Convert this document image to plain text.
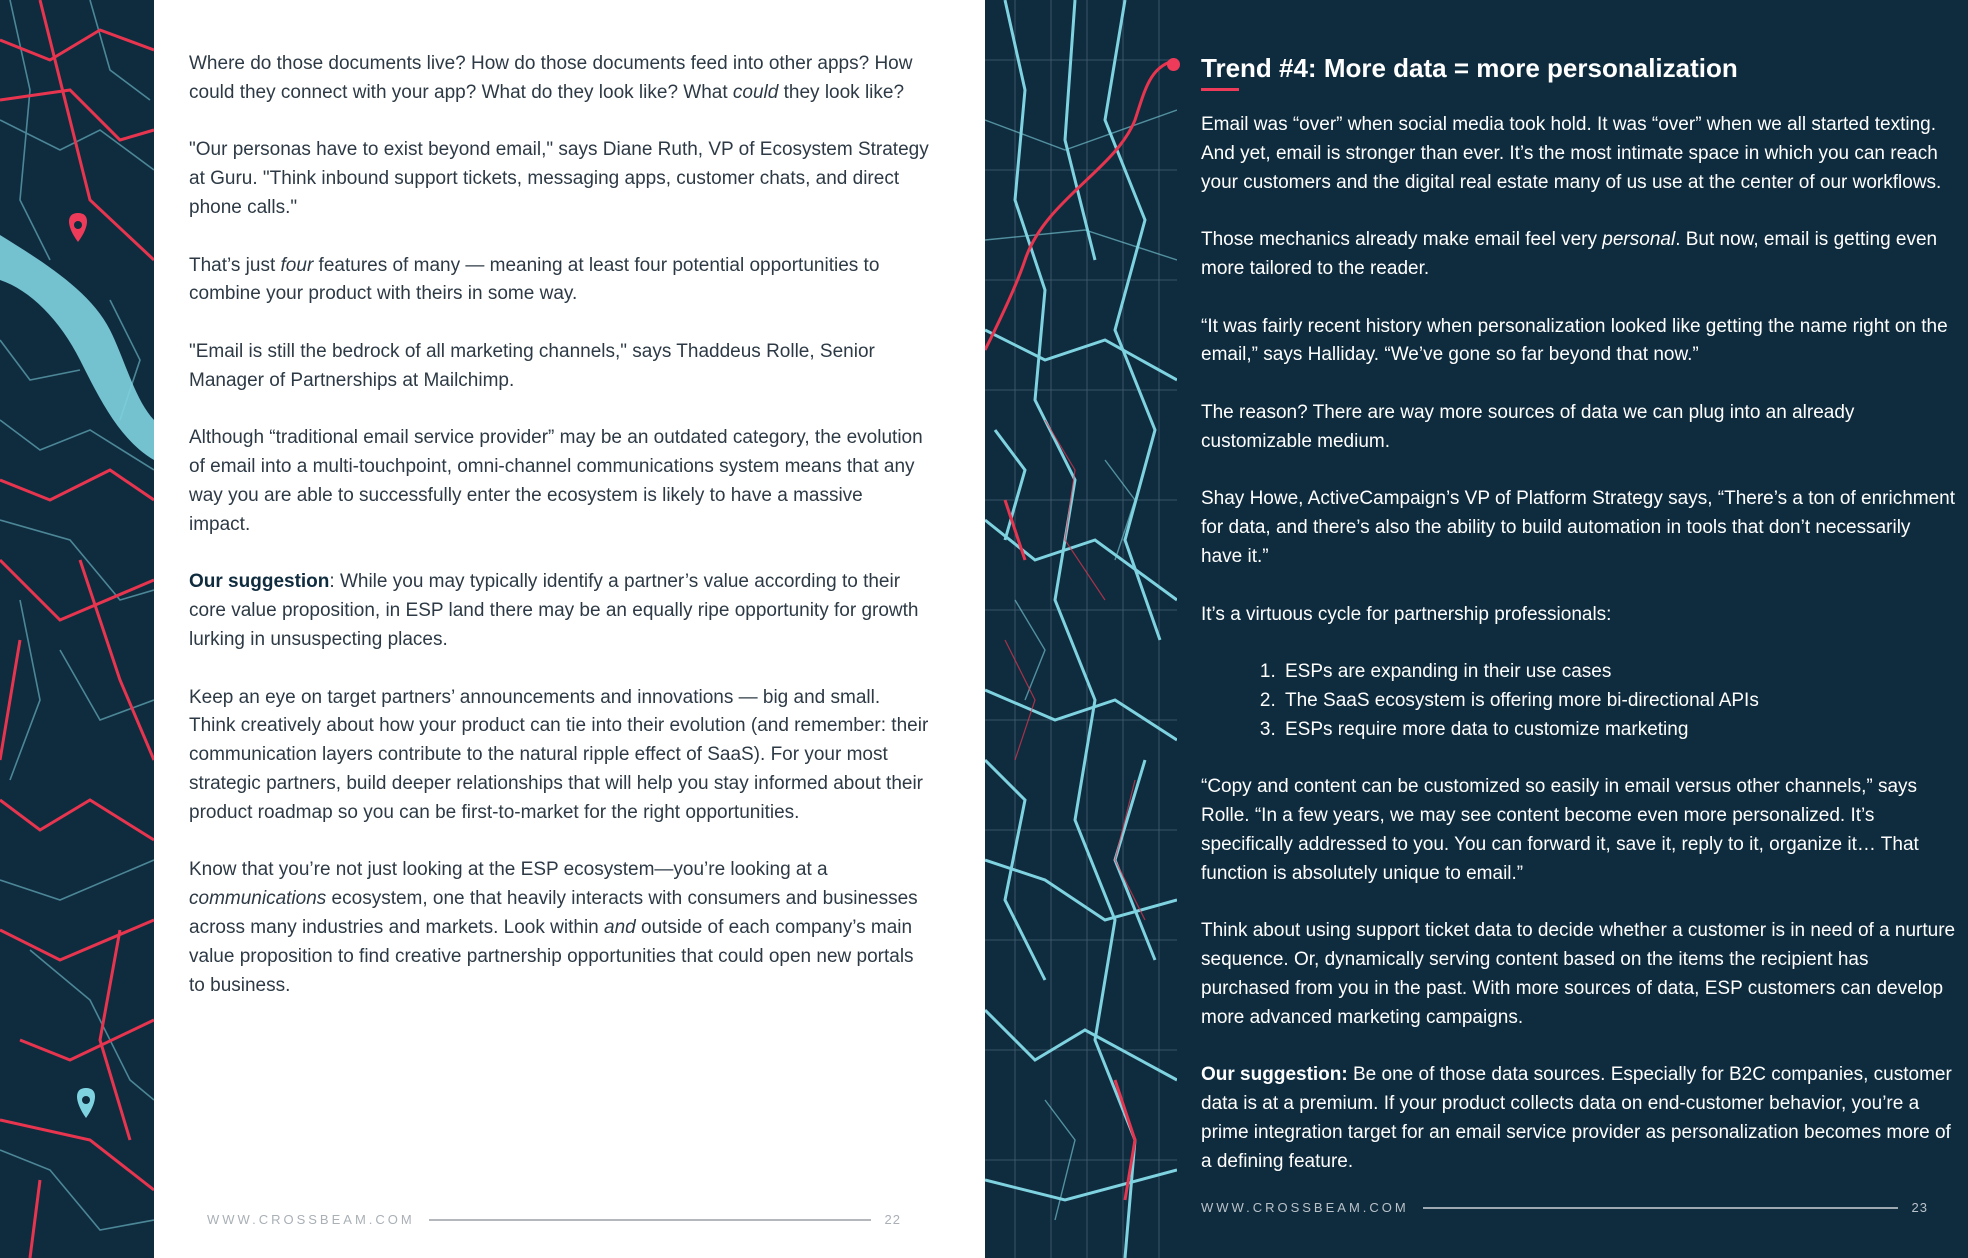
Where do those documents live? How do those documents feed into other apps? How could they connect with your app? What do they look like? What could they look like?

"Our personas have to exist beyond email," says Diane Ruth, VP of Ecosystem Strategy at Guru. "Think inbound support tickets, messaging apps, customer chats, and direct phone calls."

That’s just four features of many — meaning at least four potential opportunities to combine your product with theirs in some way.

"Email is still the bedrock of all marketing channels," says Thaddeus Rolle, Senior Manager of Partnerships at Mailchimp.

Although “traditional email service provider” may be an outdated category, the evolution of email into a multi-touchpoint, omni-channel communications system means that any way you are able to successfully enter the ecosystem is likely to have a massive impact.

Our suggestion: While you may typically identify a partner’s value according to their core value proposition, in ESP land there may be an equally ripe opportunity for growth lurking in unsuspecting places.

Keep an eye on target partners’ announcements and innovations — big and small. Think creatively about how your product can tie into their evolution (and remember: their communication layers contribute to the natural ripple effect of SaaS). For your most strategic partners, build deeper relationships that will help you stay informed about their product roadmap so you can be first-to-market for the right opportunities.

Know that you’re not just looking at the ESP ecosystem—you’re looking at a communications ecosystem, one that heavily interacts with consumers and businesses across many industries and markets. Look within and outside of each company’s main value proposition to find creative partnership opportunities that could open new portals to business.

WWW.CROSSBEAM.COM	22
Trend #4: More data = more personalization

Email was “over” when social media took hold. It was “over” when we all started texting. And yet, email is stronger than ever. It’s the most intimate space in which you can reach your customers and the digital real estate many of us use at the center of our workflows.

Those mechanics already make email feel very personal. But now, email is getting even more tailored to the reader.

“It was fairly recent history when personalization looked like getting the name right on the email,” says Halliday. “We’ve gone so far beyond that now.”

The reason? There are way more sources of data we can plug into an already customizable medium.

Shay Howe, ActiveCampaign’s VP of Platform Strategy says, “There’s a ton of enrichment for data, and there’s also the ability to build automation in tools that don’t necessarily have it.”

It’s a virtuous cycle for partnership professionals:

1. ESPs are expanding in their use cases
2. The SaaS ecosystem is offering more bi-directional APIs
3. ESPs require more data to customize marketing

“Copy and content can be customized so easily in email versus other channels,” says Rolle. “In a few years, we may see content become even more personalized. It’s specifically addressed to you. You can forward it, save it, reply to it, organize it… That function is absolutely unique to email.”

Think about using support ticket data to decide whether a customer is in need of a nurture sequence. Or, dynamically serving content based on the items the recipient has purchased from you in the past. With more sources of data, ESP customers can develop more advanced marketing campaigns.

Our suggestion: Be one of those data sources. Especially for B2C companies, customer data is at a premium. If your product collects data on end-customer behavior, you’re a prime integration target for an email service provider as personalization becomes more of a defining feature.

WWW.CROSSBEAM.COM	23
